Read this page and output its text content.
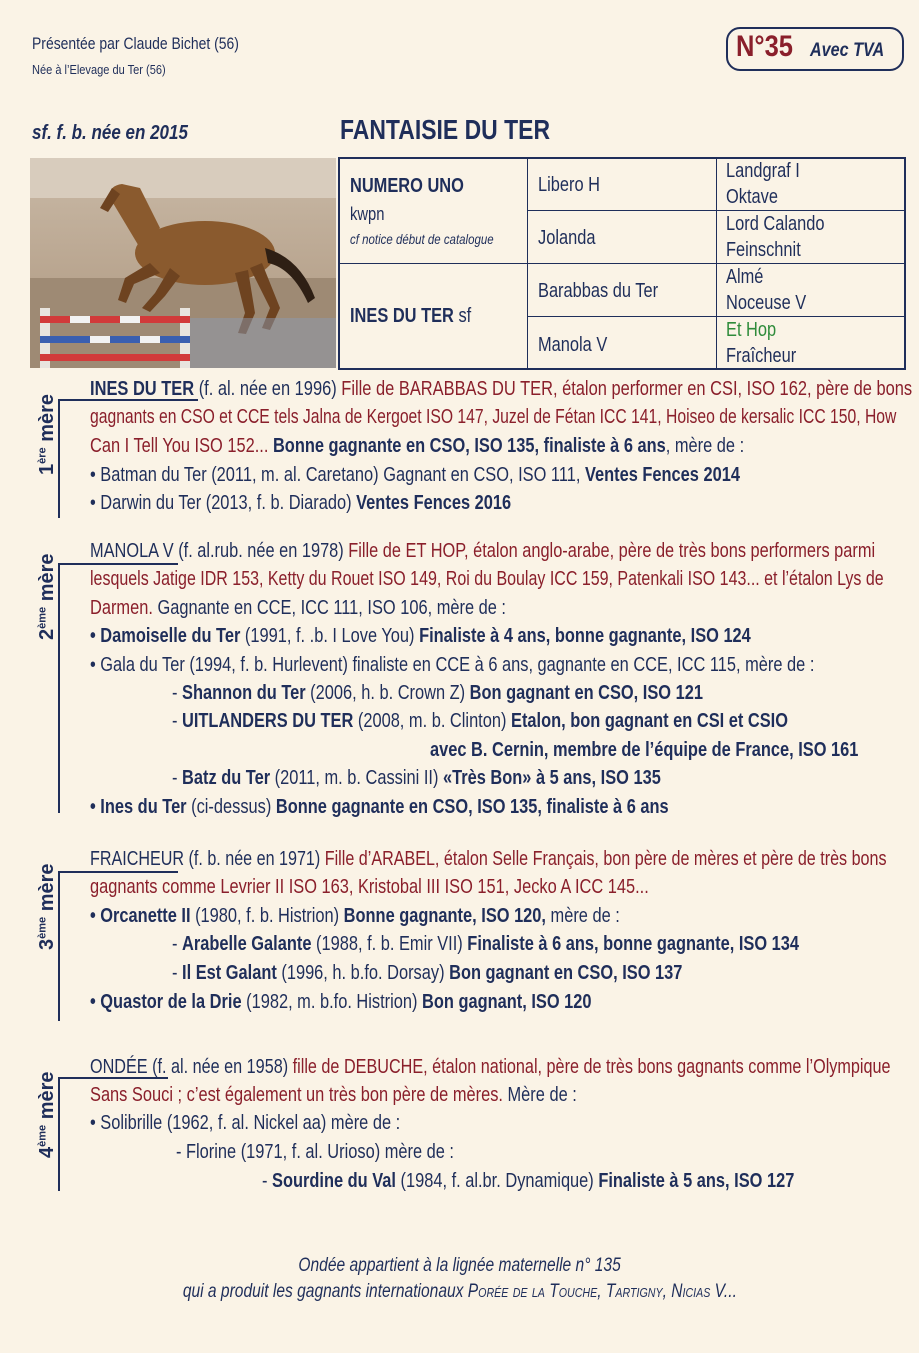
Présentée par Claude Bichet (56)
Née à l’Elevage du Ter (56)
N°35 Avec TVA
sf. f. b. née en 2015	FANTAISIE DU TER
NUMERO UNO
kwpn
cf notice début de catalogue
INES DU TER sf
Libero H
Jolanda
Barabbas du Ter
Manola V
Landgraf I
Oktave
Lord Calando
Feinschnit
Almé
Noceuse V
Et Hop
Fraîcheur
1ère mère
INES DU TER (f. al. née en 1996) Fille de BARABBAS DU TER, étalon performer en CSI, ISO 162, père de bons
gagnants en CSO et CCE tels Jalna de Kergoet ISO 147, Juzel de Fétan ICC 141, Hoiseo de kersalic ICC 150, How
Can I Tell You ISO 152... Bonne gagnante en CSO, ISO 135, finaliste à 6 ans, mère de :
• Batman du Ter (2011, m. al. Caretano) Gagnant en CSO, ISO 111, Ventes Fences 2014
• Darwin du Ter (2013, f. b. Diarado) Ventes Fences 2016
2ème mère
MANOLA V (f. al.rub. née en 1978) Fille de ET HOP, étalon anglo-arabe, père de très bons performers parmi
lesquels Jatige IDR 153, Ketty du Rouet ISO 149, Roi du Boulay ICC 159, Patenkali ISO 143... et l’étalon Lys de
Darmen. Gagnante en CCE, ICC 111, ISO 106, mère de :
• Damoiselle du Ter (1991, f. .b. I Love You) Finaliste à 4 ans, bonne gagnante, ISO 124
• Gala du Ter (1994, f. b. Hurlevent) finaliste en CCE à 6 ans, gagnante en CCE, ICC 115, mère de :
- Shannon du Ter (2006, h. b. Crown Z) Bon gagnant en CSO, ISO 121
- UITLANDERS DU TER (2008, m. b. Clinton) Etalon, bon gagnant en CSI et CSIO
avec B. Cernin, membre de l’équipe de France, ISO 161
- Batz du Ter (2011, m. b. Cassini II) «Très Bon» à 5 ans, ISO 135
• Ines du Ter (ci-dessus) Bonne gagnante en CSO, ISO 135, finaliste à 6 ans
3ème mère
FRAICHEUR (f. b. née en 1971) Fille d’ARABEL, étalon Selle Français, bon père de mères et père de très bons
gagnants comme Levrier II ISO 163, Kristobal III ISO 151, Jecko A ICC 145...
• Orcanette II (1980, f. b. Histrion) Bonne gagnante, ISO 120, mère de :
- Arabelle Galante (1988, f. b. Emir VII) Finaliste à 6 ans, bonne gagnante, ISO 134
- Il Est Galant (1996, h. b.fo. Dorsay) Bon gagnant en CSO, ISO 137
• Quastor de la Drie (1982, m. b.fo. Histrion) Bon gagnant, ISO 120
4ème mère
ONDÉE (f. al. née en 1958) fille de DEBUCHE, étalon national, père de très bons gagnants comme l’Olympique
Sans Souci ; c’est également un très bon père de mères. Mère de :
• Solibrille (1962, f. al. Nickel aa) mère de :
- Florine (1971, f. al. Urioso) mère de :
- Sourdine du Val (1984, f. al.br. Dynamique) Finaliste à 5 ans, ISO 127
Ondée appartient à la lignée maternelle n° 135
qui a produit les gagnants internationaux Porée de la Touche, Tartigny, Nicias V...
